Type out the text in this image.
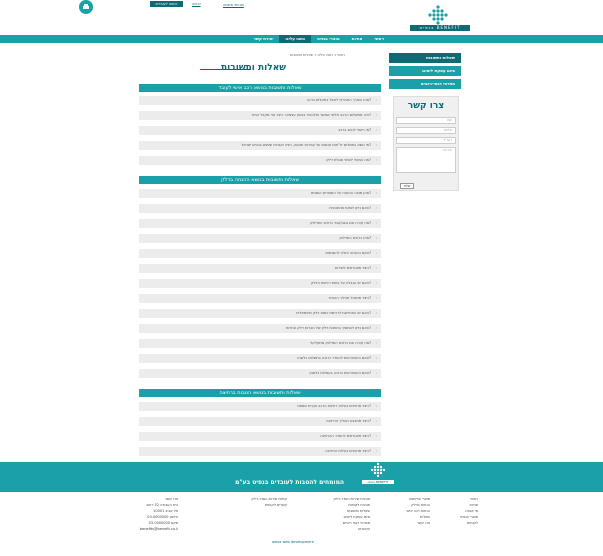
כניסה לעובדים	כניסה	שכחתי סיסמה
בנפיט BENEFIT
ראשי
אודות
מוצרי בנפיט
כתבו עלינו
יצירת קשר
ראשי » כתבו עלינו » שאלות ותשובות
שאלות ותשובות
שאלות ותשובות בנושא רכב אישי לעובד
מהו הצורך האחראי לטפל בתקלות ברכב? ›
היה מתשלום הרכב חליפי שאשר ותלכשיר בבוחן עצמאי: כיצד אני מקבל החזר? ›
מי רשאי לנהוג ברכב? ›
מי נושא בתשלום דו"חות קנסות על עבירות תנועה, חניה ואגרות שימוש בכביש ישראל? ›
מה המהל לשינוי פוגלת דלק? ›
שאלות ותשובות בנושא ההנחה בדלק
מהן מוצה ההנחה על המוצרים השונים? ›
האם ניתן לצאת מהתוכנית? ›
מה קורה אם נגנב/אבד כרטיס התדלוק? ›
מהו כרטיס התדלוק? ›
האם ההנחה יכולה להשתנות? ›
כיצד מצטרפים לשירות? ›
האם יש הגבלה על כמות רכישת הדלק? ›
כיצד מתנהל תהליך ההחזר? ›
האם יש התחייבות לרכישת כמות דלק מינימאלית? ›
האם ניתן להמשיך בתחנות דלק של חברות דלק אחרות? ›
מה קורה אם כרטיס התדלוק מתקלקל? ›
האם ההצטרפות להסדר כרוכה בתשלום כלשהו? ›
האם ההצטרפות כרוכה בעמלות כלשהן? ›
שאלות ותשובות בנושא הטבות ברחיצה
כיצד מחויבים בעלות רחיצת הרכב וקניית שמפט? ›
כיצד מתבצע תהליך הרחיצה? ›
כיצד מצטרפים להסדר ההרחצה? ›
כיצד מחויבים בעלות הרחיצה? ›
שאלות ותשובות
סיום עסקת ליסינג
מפרטי דגמי-רכבים
צרו קשר
שם
טלפון
דוא"ל
הודעה
שלח
בנפיט BENEFIT
המומחים להטבות לעובדים בנפיט בע"מ
ראשי
אודות
מי אנחנו
מוצרי בנפיט
לקוחות
מוצרי פרימיום
הנחות בדלק
הנחות רכב אישי
שאלות
צרו קשר
תוכנית שירות-הסדר-דלק
תוכנית לקוחות
שאלות ותשובות
סיום עסקת ליסינג
מפרטי דגמי רכבים
קישורים
קולות שירות-הסדר-דלק
קשרים לקוחות
צרו קשר
בית העבודה 52 רחוב
תל אביב 10001
טלפון 03-0000000
פקס 03-0000000
benefits@benefit.co.il
awua web development
